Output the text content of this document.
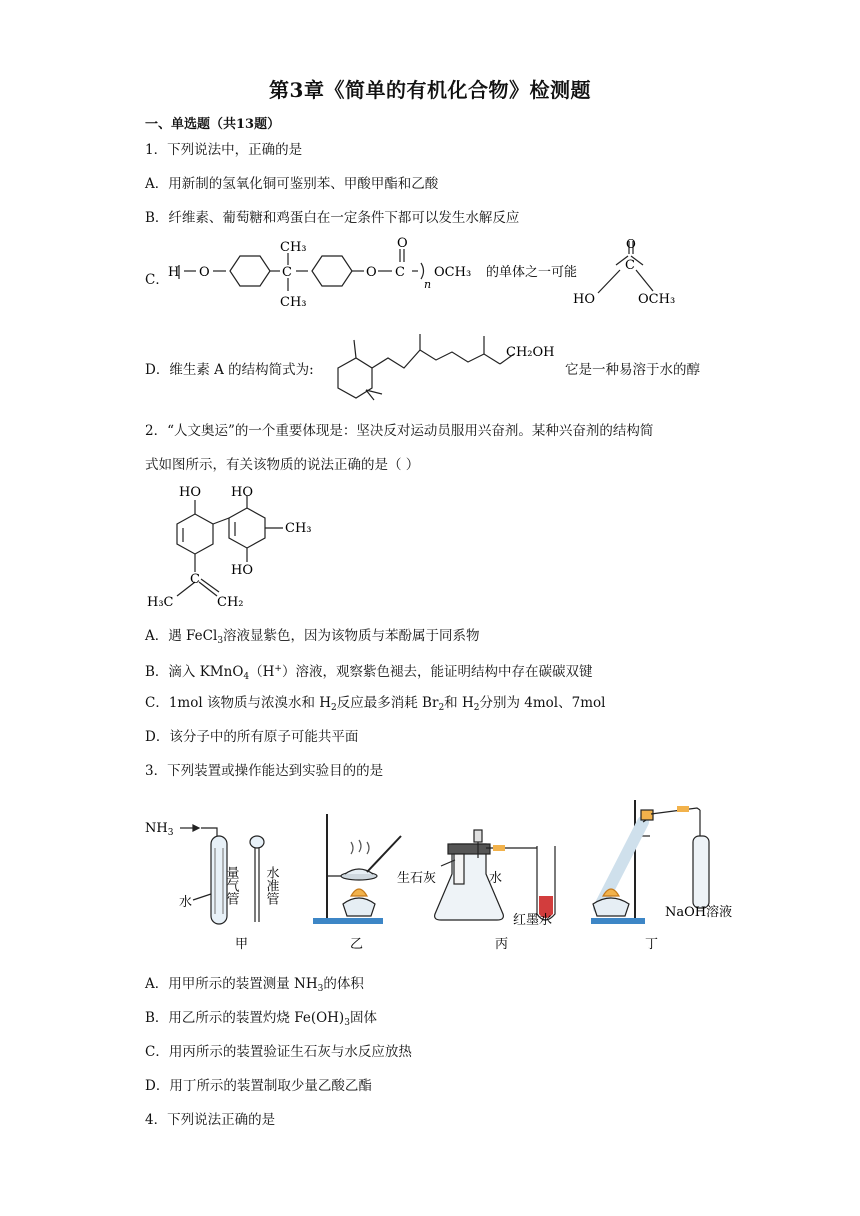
第3章《简单的有机化合物》检测题
一、单选题（共13题）
1．下列说法中，正确的是
A．用新制的氢氧化铜可鉴别苯、甲酸甲酯和乙酸
B．纤维素、葡萄糖和鸡蛋白在一定条件下都可以发生水解反应
C． H O	C
CH₃
CH₃
O C
O
n
OCH₃ 的单体之一可能
HO
C
O
OCH₃
D．维生素 A 的结构简式为:
CH₂OH
它是一种易溶于水的醇
2．“人文奥运”的一个重要体现是：坚决反对运动员服用兴奋剂。某种兴奋剂的结构简
式如图所示，有关该物质的说法正确的是（ ）
HO HO
CH₃
HO
C
H₃C	CH₂
A．遇 FeCl$_3$溶液显紫色，因为该物质与苯酚属于同系物
B．滴入 KMnO$_4$（H+）溶液，观察紫色褪去，能证明结构中存在碳碳双键
C．1mol 该物质与浓溴水和 $H_2$反应最多消耗 $Br_2$和 $H_2$分别为 4mol、7mol
D．该分子中的所有原子可能共平面
3．下列装置或操作能达到实验目的的是
$NH_3$
水 量气管 水准管
甲	乙
生石灰	水
红墨水
丙
NaOH溶液
丁
A．用甲所示的装置测量 $NH_3$的体积
B．用乙所示的装置灼烧 $Fe(OH)_3$固体
C．用丙所示的装置验证生石灰与水反应放热
D．用丁所示的装置制取少量乙酸乙酯
4．下列说法正确的是
